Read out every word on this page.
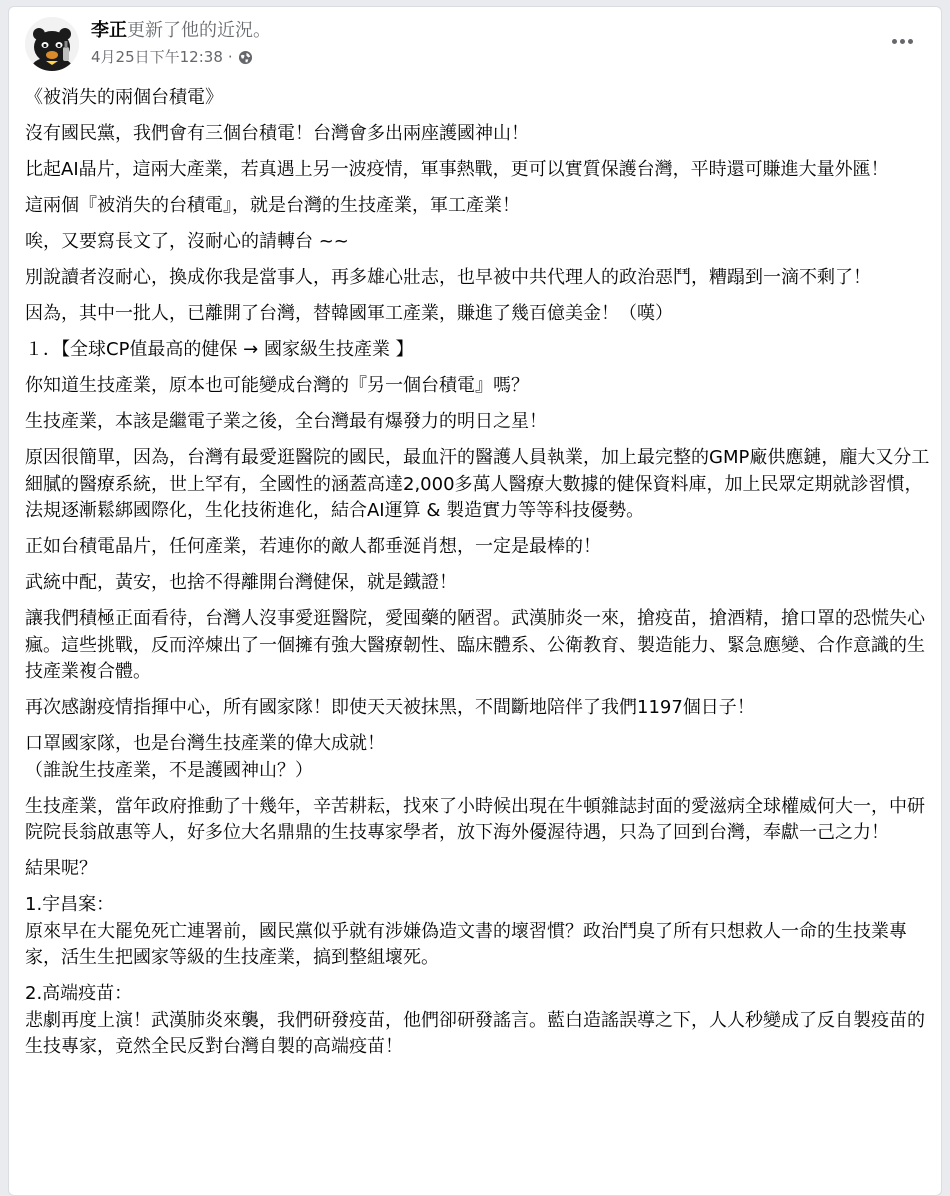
李正更新了他的近況。
4月25日下午12:38 ·

《被消失的兩個台積電》

沒有國民黨，我們會有三個台積電！台灣會多出兩座護國神山！

比起AI晶片，這兩大產業，若真遇上另一波疫情，軍事熱戰，更可以實質保護台灣，平時還可賺進大量外匯！

這兩個『被消失的台積電』，就是台灣的生技產業，軍工產業！

唉，又要寫長文了，沒耐心的請轉台 ~~

別說讀者沒耐心，換成你我是當事人，再多雄心壯志，也早被中共代理人的政治惡鬥，糟蹋到一滴不剩了！

因為，其中一批人，已離開了台灣，替韓國軍工產業，賺進了幾百億美金！（嘆）

１．【全球CP值最高的健保 → 國家級生技產業 】

你知道生技產業，原本也可能變成台灣的『另一個台積電』嗎？

生技產業，本該是繼電子業之後，全台灣最有爆發力的明日之星！

原因很簡單，因為，台灣有最愛逛醫院的國民，最血汗的醫護人員執業，加上最完整的GMP廠供應鏈，龐大又分工細膩的醫療系統，世上罕有，全國性的涵蓋高達2,000多萬人醫療大數據的健保資料庫，加上民眾定期就診習慣，法規逐漸鬆綁國際化，生化技術進化，結合AI運算 & 製造實力等等科技優勢。

正如台積電晶片，任何產業，若連你的敵人都垂涎肖想，一定是最棒的！

武統中配，黃安，也捨不得離開台灣健保，就是鐵證！

讓我們積極正面看待，台灣人沒事愛逛醫院，愛囤藥的陋習。武漢肺炎一來，搶疫苗，搶酒精，搶口罩的恐慌失心瘋。這些挑戰，反而淬煉出了一個擁有強大醫療韌性、臨床體系、公衛教育、製造能力、緊急應變、合作意識的生技產業複合體。

再次感謝疫情指揮中心，所有國家隊！即使天天被抹黑，不間斷地陪伴了我們1197個日子！

口罩國家隊，也是台灣生技產業的偉大成就！
（誰說生技產業，不是護國神山？）

生技產業，當年政府推動了十幾年，辛苦耕耘，找來了小時候出現在牛頓雜誌封面的愛滋病全球權威何大一，中研院院長翁啟惠等人，好多位大名鼎鼎的生技專家學者，放下海外優渥待遇，只為了回到台灣，奉獻一己之力！

結果呢？

1.宇昌案：
原來早在大罷免死亡連署前，國民黨似乎就有涉嫌偽造文書的壞習慣？政治鬥臭了所有只想救人一命的生技業專家，活生生把國家等級的生技產業，搞到整組壞死。

2.高端疫苗：
悲劇再度上演！武漢肺炎來襲，我們研發疫苗，他們卻研發謠言。藍白造謠誤導之下，人人秒變成了反自製疫苗的生技專家，竟然全民反對台灣自製的高端疫苗！
